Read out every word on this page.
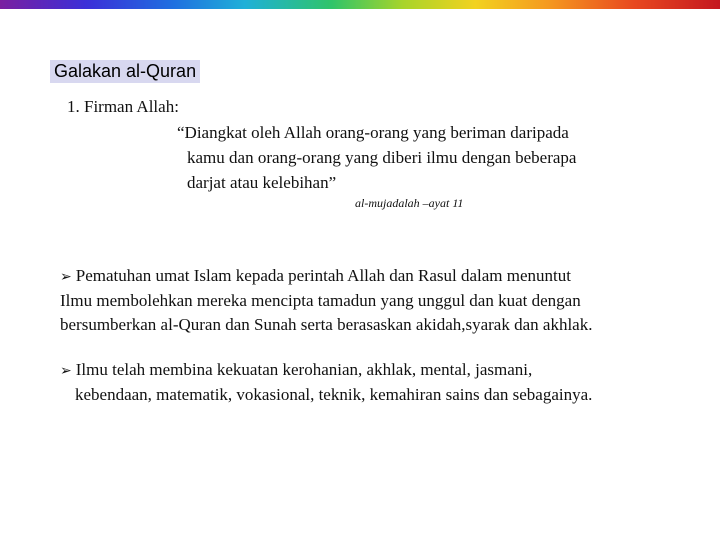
Galakan al-Quran
1. Firman Allah:
“Diangkat oleh Allah orang-orang yang beriman daripada
kamu dan orang-orang yang diberi ilmu dengan beberapa
darjat atau kelebihan”
al-mujadalah –ayat 11
➢ Pematuhan umat Islam kepada perintah Allah dan Rasul dalam menuntut
Ilmu membolehkan mereka mencipta tamadun yang unggul dan kuat dengan
bersumberkan al-Quran dan Sunah serta berasaskan akidah,syarak dan akhlak.
➢ Ilmu telah membina kekuatan kerohanian, akhlak, mental, jasmani,
kebendaan, matematik, vokasional, teknik, kemahiran sains dan sebagainya.
